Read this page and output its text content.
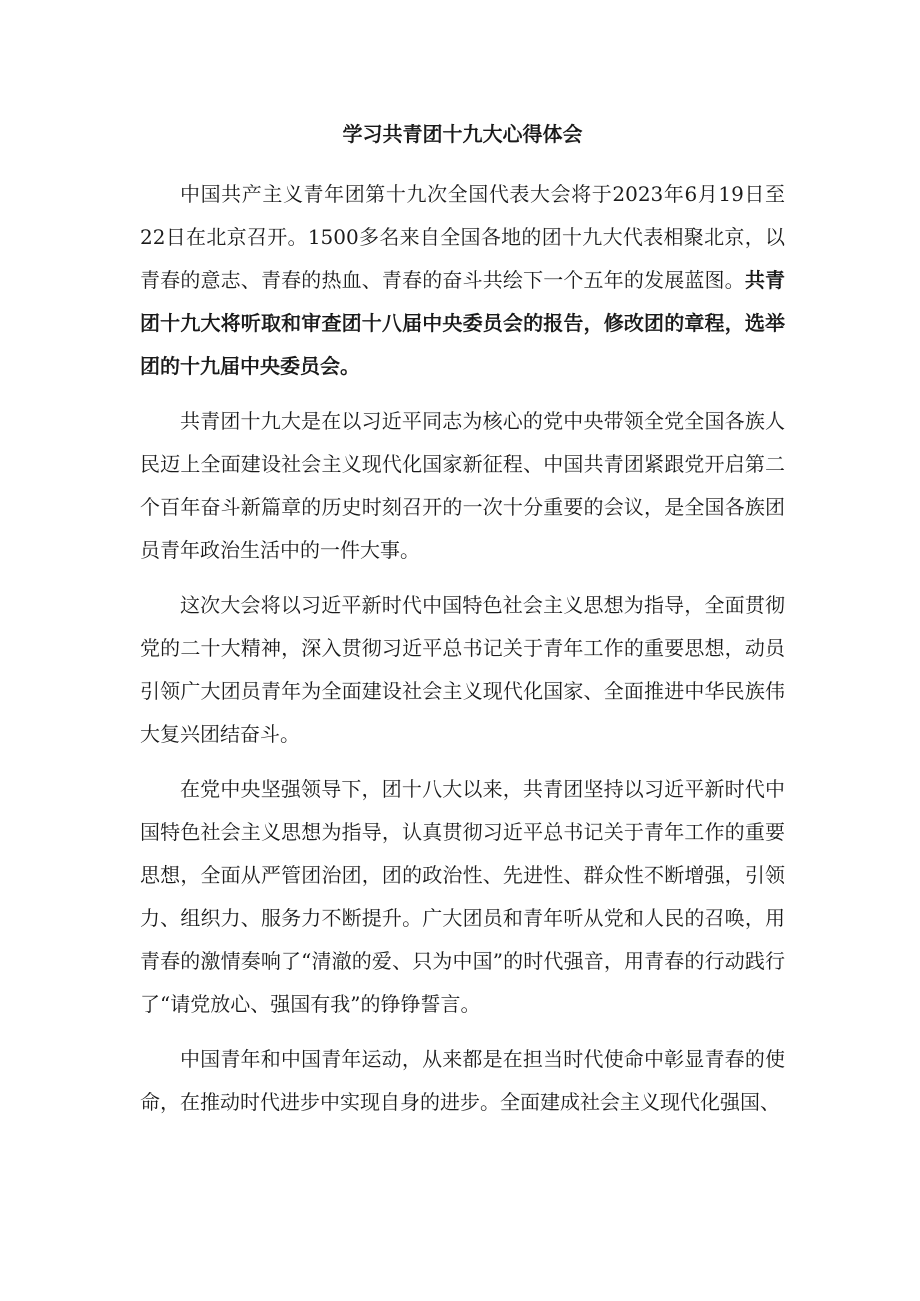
学习共青团十九大心得体会

中国共产主义青年团第十九次全国代表大会将于2023年6月19日至22日在北京召开。1500多名来自全国各地的团十九大代表相聚北京，以青春的意志、青春的热血、青春的奋斗共绘下一个五年的发展蓝图。共青团十九大将听取和审查团十八届中央委员会的报告，修改团的章程，选举团的十九届中央委员会。

共青团十九大是在以习近平同志为核心的党中央带领全党全国各族人民迈上全面建设社会主义现代化国家新征程、中国共青团紧跟党开启第二个百年奋斗新篇章的历史时刻召开的一次十分重要的会议，是全国各族团员青年政治生活中的一件大事。

这次大会将以习近平新时代中国特色社会主义思想为指导，全面贯彻党的二十大精神，深入贯彻习近平总书记关于青年工作的重要思想，动员引领广大团员青年为全面建设社会主义现代化国家、全面推进中华民族伟大复兴团结奋斗。

在党中央坚强领导下，团十八大以来，共青团坚持以习近平新时代中国特色社会主义思想为指导，认真贯彻习近平总书记关于青年工作的重要思想，全面从严管团治团，团的政治性、先进性、群众性不断增强，引领力、组织力、服务力不断提升。广大团员和青年听从党和人民的召唤，用青春的激情奏响了“清澈的爱、只为中国”的时代强音，用青春的行动践行了“请党放心、强国有我”的铮铮誓言。

中国青年和中国青年运动，从来都是在担当时代使命中彰显青春的使命，在推动时代进步中实现自身的进步。全面建成社会主义现代化强国、
